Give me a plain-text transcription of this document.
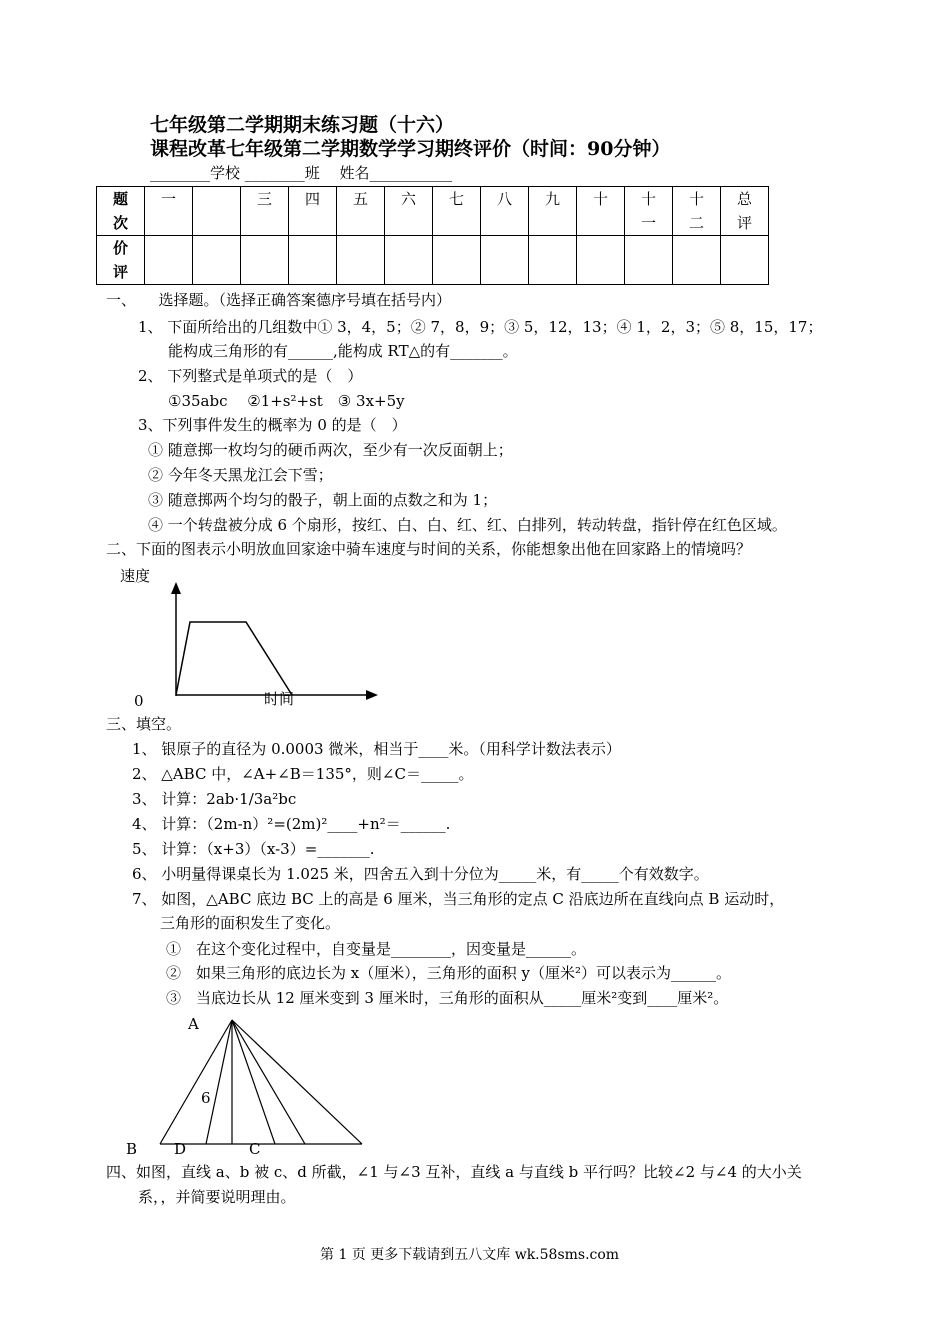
七年级第二学期期末练习题（十六）
课程改革七年级第二学期数学学习期终评价（时间：90分钟）
________学校 ________班　 姓名___________
题次	一		三	四	五	六	七	八	九	十	十一	十二	总评

价评													

一、　　选择题。（选择正确答案德序号填在括号内）
1、 下面所给出的几组数中① 3，4，5；② 7，8，9；③ 5，12，13；④ 1，2，3；⑤ 8，15，17；
能构成三角形的有______,能构成 RT△的有_______。
2、 下列整式是单项式的是（　）
①35abc　 ②1+s²+st　③ 3x+5y
3、下列事件发生的概率为 0 的是（　）
① 随意掷一枚均匀的硬币两次，至少有一次反面朝上；
② 今年冬天黑龙江会下雪；
③ 随意掷两个均匀的骰子，朝上面的点数之和为 1；
④ 一个转盘被分成 6 个扇形，按红、白、白、红、红、白排列，转动转盘，指针停在红色区域。
二、下面的图表示小明放血回家途中骑车速度与时间的关系，你能想象出他在回家路上的情境吗？
速度
0	时间
三、填空。
1、 银原子的直径为 0.0003 微米，相当于____米。（用科学计数法表示）
2、 △ABC 中，∠A+∠B＝135°，则∠C＝_____。
3、 计算：2ab·1/3a²bc
4、 计算：（2m-n）²=(2m)²____+n²＝______.
5、 计算：（x+3）（x-3）=_______.
6、 小明量得课桌长为 1.025 米，四舍五入到十分位为_____米，有_____个有效数字。
7、 如图，△ABC 底边 BC 上的高是 6 厘米，当三角形的定点 C 沿底边所在直线向点 B 运动时，
三角形的面积发生了变化。
①　在这个变化过程中，自变量是________，因变量是______。
②　如果三角形的底边长为 x（厘米），三角形的面积 y（厘米²）可以表示为______。
③　当底边长从 12 厘米变到 3 厘米时，三角形的面积从_____厘米²变到____厘米²。
A
6
B D	C
四、如图，直线 a、b 被 c、d 所截，∠1 与∠3 互补，直线 a 与直线 b 平行吗？比较∠2 与∠4 的大小关
系，，并简要说明理由。
第 1 页 更多下载请到五八文库 wk.58sms.com
